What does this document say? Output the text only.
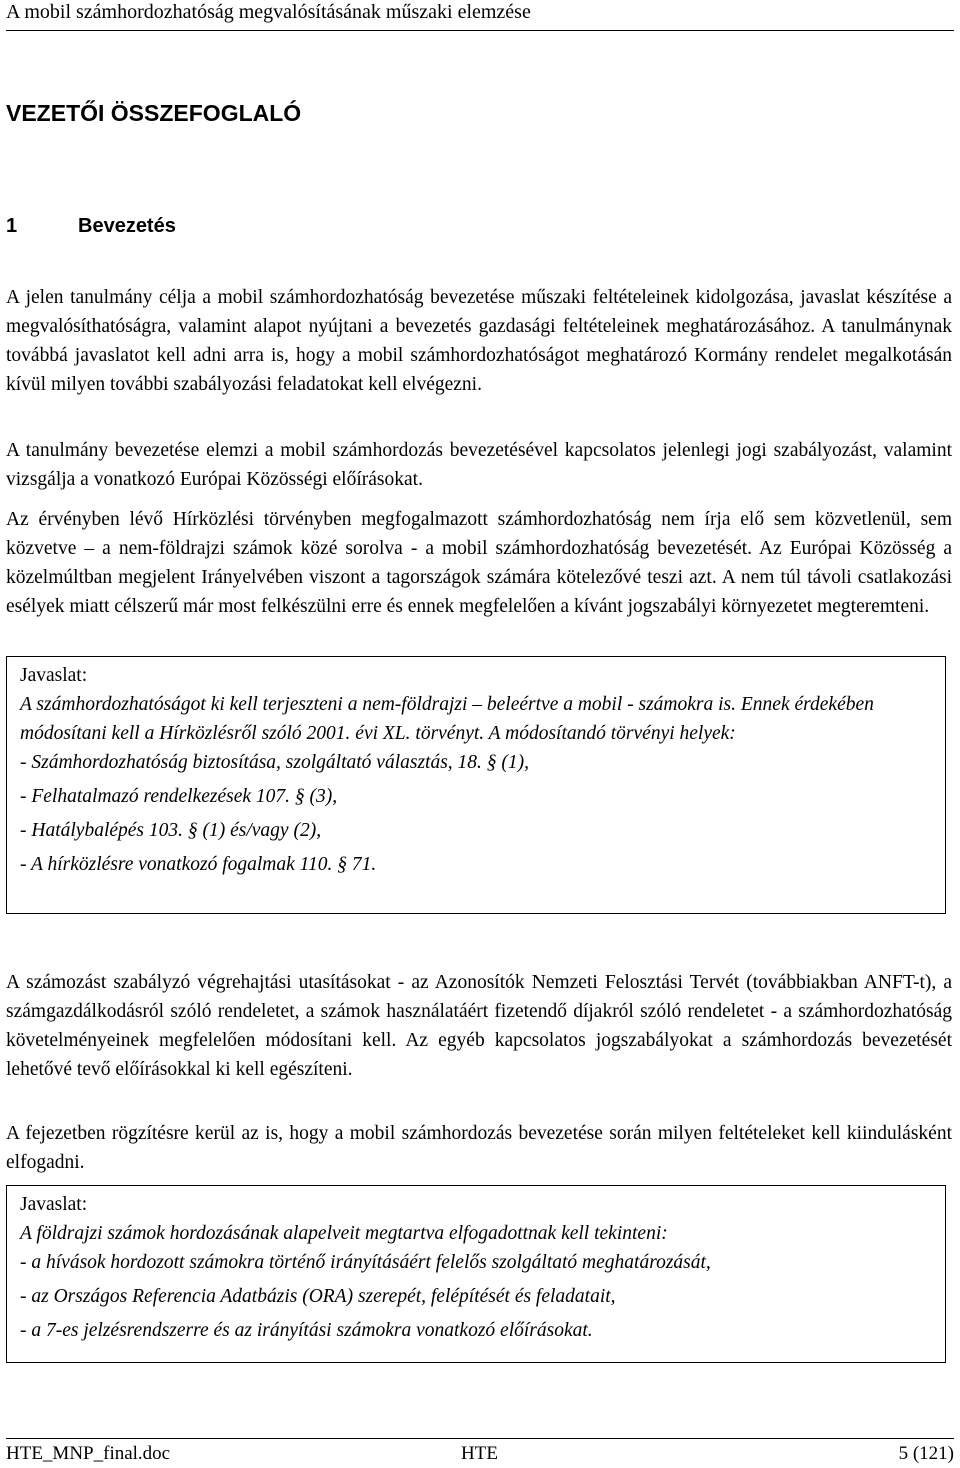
A mobil számhordozhatóság megvalósításának műszaki elemzése
VEZETŐI ÖSSZEFOGLALÓ
1	Bevezetés

A jelen tanulmány célja a mobil számhordozhatóság bevezetése műszaki feltételeinek kidolgozása, javaslat készítése a megvalósíthatóságra, valamint alapot nyújtani a bevezetés gazdasági feltételeinek meghatározásához. A tanulmánynak továbbá javaslatot kell adni arra is, hogy a mobil számhordozhatóságot meghatározó Kormány rendelet megalkotásán kívül milyen további szabályozási feladatokat kell elvégezni.

A tanulmány bevezetése elemzi a mobil számhordozás bevezetésével kapcsolatos jelenlegi jogi szabályozást, valamint vizsgálja a vonatkozó Európai Közösségi előírásokat.

Az érvényben lévő Hírközlési törvényben megfogalmazott számhordozhatóság nem írja elő sem közvetlenül, sem közvetve – a nem-földrajzi számok közé sorolva - a mobil számhordozhatóság bevezetését. Az Európai Közösség a közelmúltban megjelent Irányelvében viszont a tagországok számára kötelezővé teszi azt. A nem túl távoli csatlakozási esélyek miatt célszerű már most felkészülni erre és ennek megfelelően a kívánt jogszabályi környezetet megteremteni.

Javaslat:

A számhordozhatóságot ki kell terjeszteni a nem-földrajzi – beleértve a mobil - számokra is. Ennek érdekében módosítani kell a Hírközlésről szóló 2001. évi XL. törvényt. A módosítandó törvényi helyek:

- Számhordozhatóság biztosítása, szolgáltató választás, 18. § (1),
- Felhatalmazó rendelkezések 107. § (3),
- Hatálybalépés 103. § (1) és/vagy (2),
- A hírközlésre vonatkozó fogalmak 110. § 71.

A számozást szabályzó végrehajtási utasításokat - az Azonosítók Nemzeti Felosztási Tervét (továbbiakban ANFT-t), a számgazdálkodásról szóló rendeletet, a számok használatáért fizetendő díjakról szóló rendeletet - a számhordozhatóság követelményeinek megfelelően módosítani kell. Az egyéb kapcsolatos jogszabályokat a számhordozás bevezetését lehetővé tevő előírásokkal ki kell egészíteni.

A fejezetben rögzítésre kerül az is, hogy a mobil számhordozás bevezetése során milyen feltételeket kell kiindulásként elfogadni.

Javaslat:

A földrajzi számok hordozásának alapelveit megtartva elfogadottnak kell tekinteni:

- a hívások hordozott számokra történő irányításáért felelős szolgáltató meghatározását,
- az Országos Referencia Adatbázis (ORA) szerepét, felépítését és feladatait,
- a 7-es jelzésrendszerre és az irányítási számokra vonatkozó előírásokat.
HTE_MNP_final.doc	HTE	5 (121)
